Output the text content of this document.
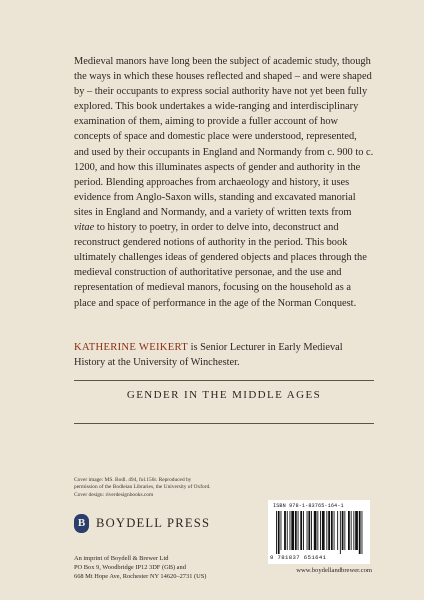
Medieval manors have long been the subject of academic study, though the ways in which these houses reflected and shaped – and were shaped by – their occupants to express social authority have not yet been fully explored. This book undertakes a wide-ranging and interdisciplinary examination of them, aiming to provide a fuller account of how concepts of space and domestic place were understood, represented, and used by their occupants in England and Normandy from c. 900 to c. 1200, and how this illuminates aspects of gender and authority in the period. Blending approaches from archaeology and history, it uses evidence from Anglo-Saxon wills, standing and excavated manorial sites in England and Normandy, and a variety of written texts from vitae to history to poetry, in order to delve into, deconstruct and reconstruct gendered notions of authority in the period. This book ultimately challenges ideas of gendered objects and places through the medieval construction of authoritative personae, and the use and representation of medieval manors, focusing on the household as a place and space of performance in the age of the Norman Conquest.

KATHERINE WEIKERT is Senior Lecturer in Early Medieval History at the University of Winchester.
GENDER IN THE MIDDLE AGES
Cover image: MS. Bodl. 494, fol.156r. Reproduced by
permission of the Bodleian Libraries, the University of Oxford.
Cover design: riverdesignbooks.com
B BOYDELL PRESS
An imprint of Boydell & Brewer Ltd
PO Box 9, Woodbridge IP12 3DF (GB) and
668 Mt Hope Ave, Rochester NY 14620–2731 (US)
ISBN 978-1-83765-164-1
9 781837 651641
www.boydellandbrewer.com
